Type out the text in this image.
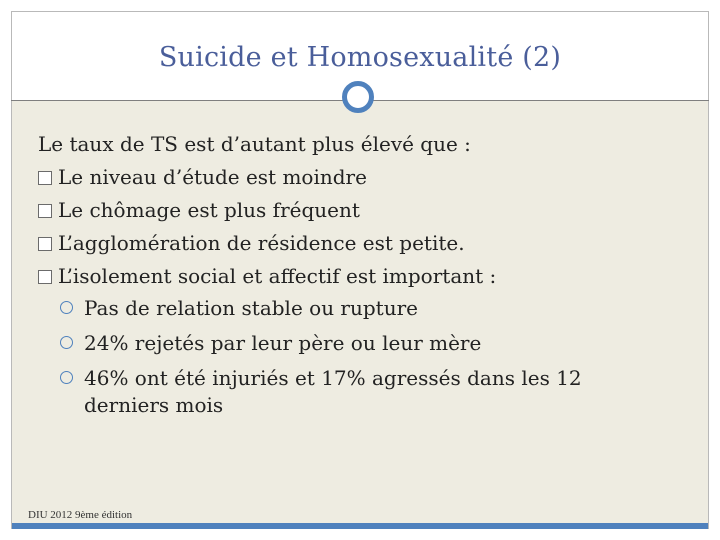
Suicide et Homosexualité (2)
Le taux de TS est d’autant plus élevé que :
Le niveau d’étude est moindre
Le chômage est plus fréquent
L’agglomération de résidence est petite.
L’isolement social et affectif est important :
Pas de relation stable ou rupture
24% rejetés par leur père ou leur mère
46% ont été injuriés et 17% agressés dans les 12 derniers mois
DIU 2012 9ème édition
